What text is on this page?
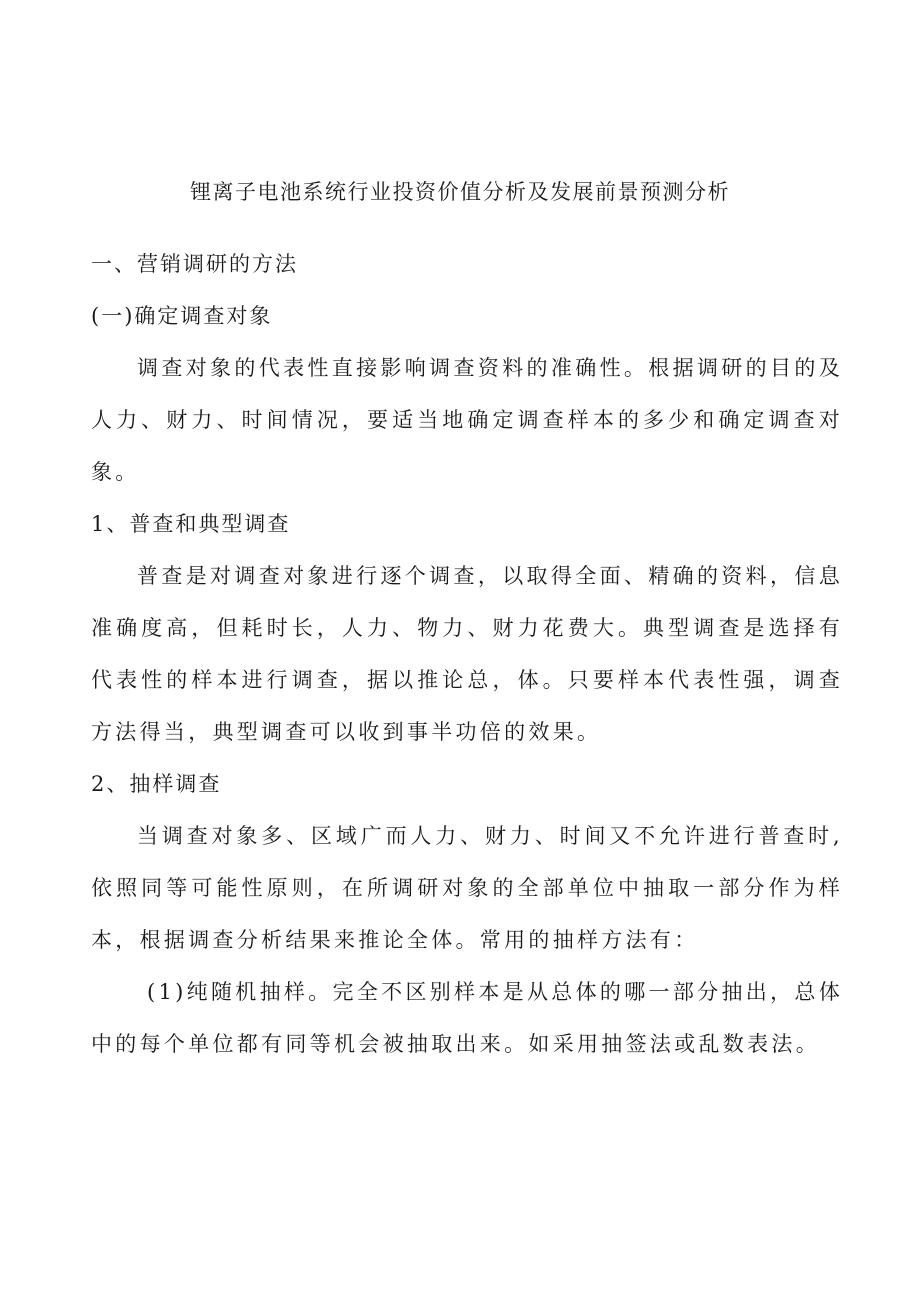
锂离子电池系统行业投资价值分析及发展前景预测分析

一、营销调研的方法

(一)确定调查对象

调查对象的代表性直接影响调查资料的准确性。根据调研的目的及人力、财力、时间情况，要适当地确定调查样本的多少和确定调查对象。

1、普查和典型调查

普查是对调查对象进行逐个调查，以取得全面、精确的资料，信息准确度高，但耗时长，人力、物力、财力花费大。典型调查是选择有代表性的样本进行调查，据以推论总，体。只要样本代表性强，调查方法得当，典型调查可以收到事半功倍的效果。

2、抽样调查

当调查对象多、区域广而人力、财力、时间又不允许进行普查时,依照同等可能性原则，在所调研对象的全部单位中抽取一部分作为样本，根据调查分析结果来推论全体。常用的抽样方法有：

(1)纯随机抽样。完全不区别样本是从总体的哪一部分抽出，总体中的每个单位都有同等机会被抽取出来。如采用抽签法或乱数表法。
